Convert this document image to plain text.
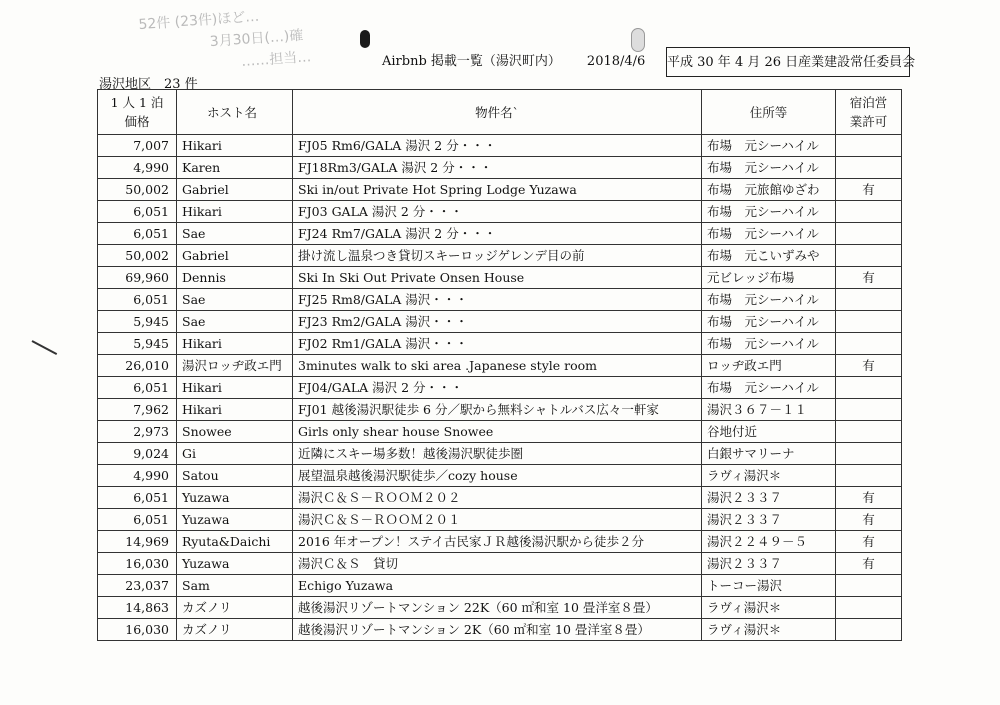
52件 (23件)ほど…
3月30日(…)確
……担当…	Airbnb 掲載一覧（湯沢町内） 2018/4/6 平成 30 年 4 月 26 日産業建設常任委員会
湯沢地区　23 件
1 人 1 泊
価格	ホスト名	物件名`	住所等	宿泊営
業許可
7,007	Hikari	FJ05 Rm6/GALA 湯沢 2 分・・・	布場　元シーハイル	
4,990	Karen	FJ18Rm3/GALA 湯沢 2 分・・・	布場　元シーハイル	
50,002	Gabriel	Ski in/out Private Hot Spring Lodge Yuzawa	布場　元旅館ゆざわ	有
6,051	Hikari	FJ03 GALA 湯沢 2 分・・・	布場　元シーハイル	
6,051	Sae	FJ24 Rm7/GALA 湯沢 2 分・・・	布場　元シーハイル	
50,002	Gabriel	掛け流し温泉つき貸切スキーロッジゲレンデ目の前	布場　元こいずみや	
69,960	Dennis	Ski In Ski Out Private Onsen House	元ビレッジ布場	有
6,051	Sae	FJ25 Rm8/GALA 湯沢・・・	布場　元シーハイル	
5,945	Sae	FJ23 Rm2/GALA 湯沢・・・	布場　元シーハイル	
5,945	Hikari	FJ02 Rm1/GALA 湯沢・・・	布場　元シーハイル	
26,010	湯沢ロッヂ政エ門	3minutes walk to ski area .Japanese style room	ロッヂ政エ門	有
6,051	Hikari	FJ04/GALA 湯沢 2 分・・・	布場　元シーハイル	
7,962	Hikari	FJ01 越後湯沢駅徒歩 6 分／駅から無料シャトルバス広々一軒家	湯沢３６７－１１	
2,973	Snowee	Girls only shear house Snowee	谷地付近	
9,024	Gi	近隣にスキー場多数！越後湯沢駅徒歩圏	白銀サマリーナ	
4,990	Satou	展望温泉越後湯沢駅徒歩／cozy house	ラヴィ湯沢＊	
6,051	Yuzawa	湯沢Ｃ＆Ｓ－ＲＯＯＭ２０２	湯沢２３３７	有
6,051	Yuzawa	湯沢Ｃ＆Ｓ－ＲＯＯＭ２０１	湯沢２３３７	有
14,969	Ryuta&Daichi	2016 年オープン！ステイ古民家ＪＲ越後湯沢駅から徒歩２分	湯沢２２４９－５	有
16,030	Yuzawa	湯沢Ｃ＆Ｓ　貸切	湯沢２３３７	有
23,037	Sam	Echigo Yuzawa	トーコー湯沢	
14,863	カズノリ	越後湯沢リゾートマンション 22K（60 ㎡和室 10 畳洋室８畳）	ラヴィ湯沢＊	
16,030	カズノリ	越後湯沢リゾートマンション 2K（60 ㎡和室 10 畳洋室８畳）	ラヴィ湯沢＊	
